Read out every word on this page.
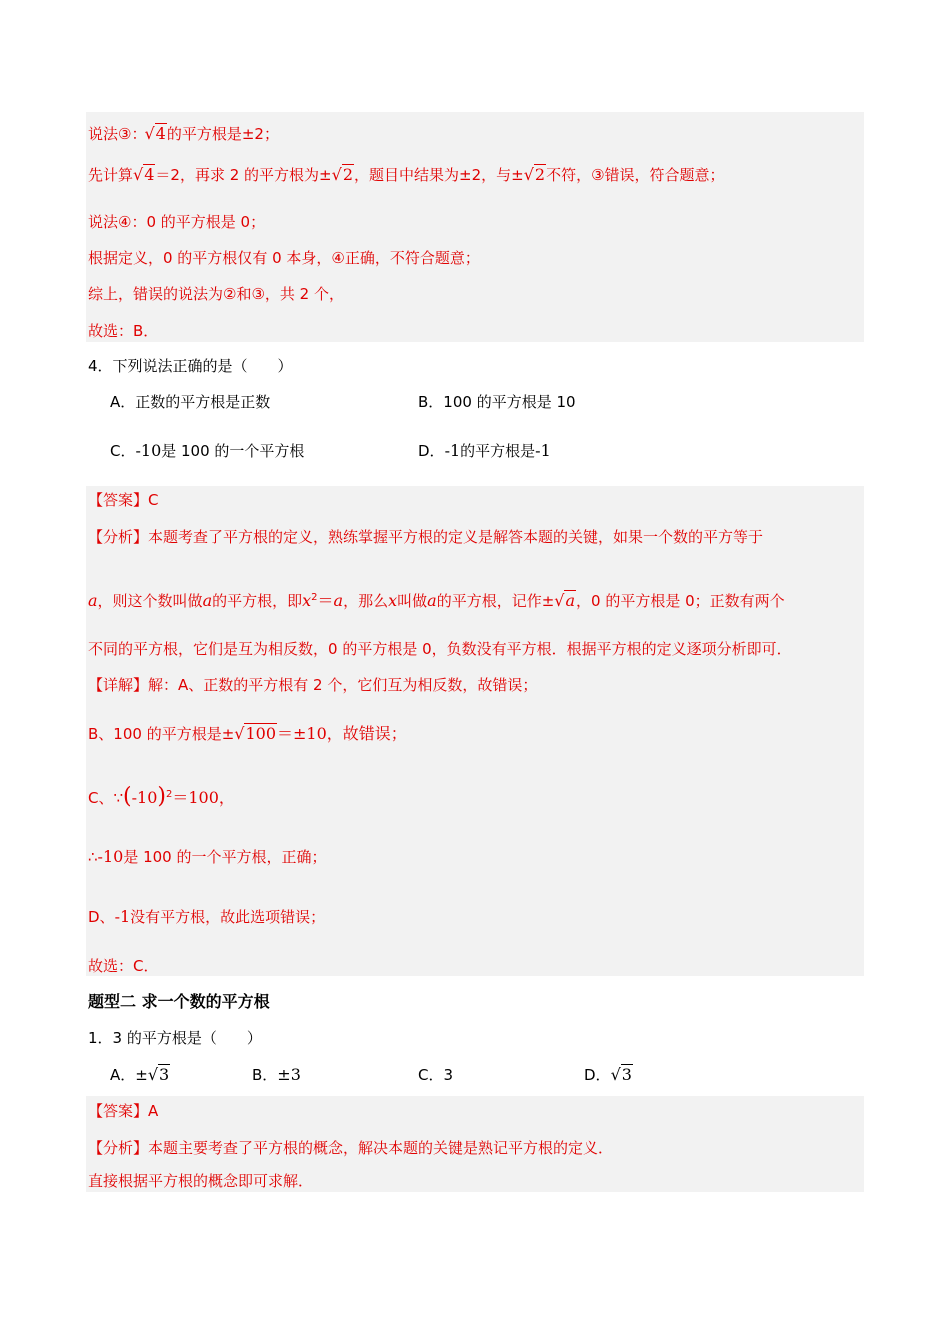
说法③：√4的平方根是±2；
先计算√4＝2，再求 2 的平方根为±√2，题目中结果为±2，与±√2不符，③错误，符合题意；
说法④：0 的平方根是 0；
根据定义，0 的平方根仅有 0 本身，④正确，不符合题意；
综上，错误的说法为②和③，共 2 个，
故选：B．
4．下列说法正确的是（　　）
A．正数的平方根是正数	B．100 的平方根是 10
C．-10是 100 的一个平方根	D．-1的平方根是-1
【答案】C
【分析】本题考查了平方根的定义，熟练掌握平方根的定义是解答本题的关键，如果一个数的平方等于
a，则这个数叫做a的平方根，即$x^2=a$，那么x叫做a的平方根，记作±√a，0 的平方根是 0；正数有两个
不同的平方根，它们是互为相反数，0 的平方根是 0，负数没有平方根．根据平方根的定义逐项分析即可．
【详解】解：A、正数的平方根有 2 个，它们互为相反数，故错误；
B、100 的平方根是±√100＝±10，故错误；
C、$\because(-10)^2=100$，
∴-10是 100 的一个平方根，正确；
D、-1没有平方根，故此选项错误；
故选：C．
题型二 求一个数的平方根
1．3 的平方根是（　　）
A．±√3	B．±3	C．3	D．√3
【答案】A
【分析】本题主要考查了平方根的概念，解决本题的关键是熟记平方根的定义．
直接根据平方根的概念即可求解．
